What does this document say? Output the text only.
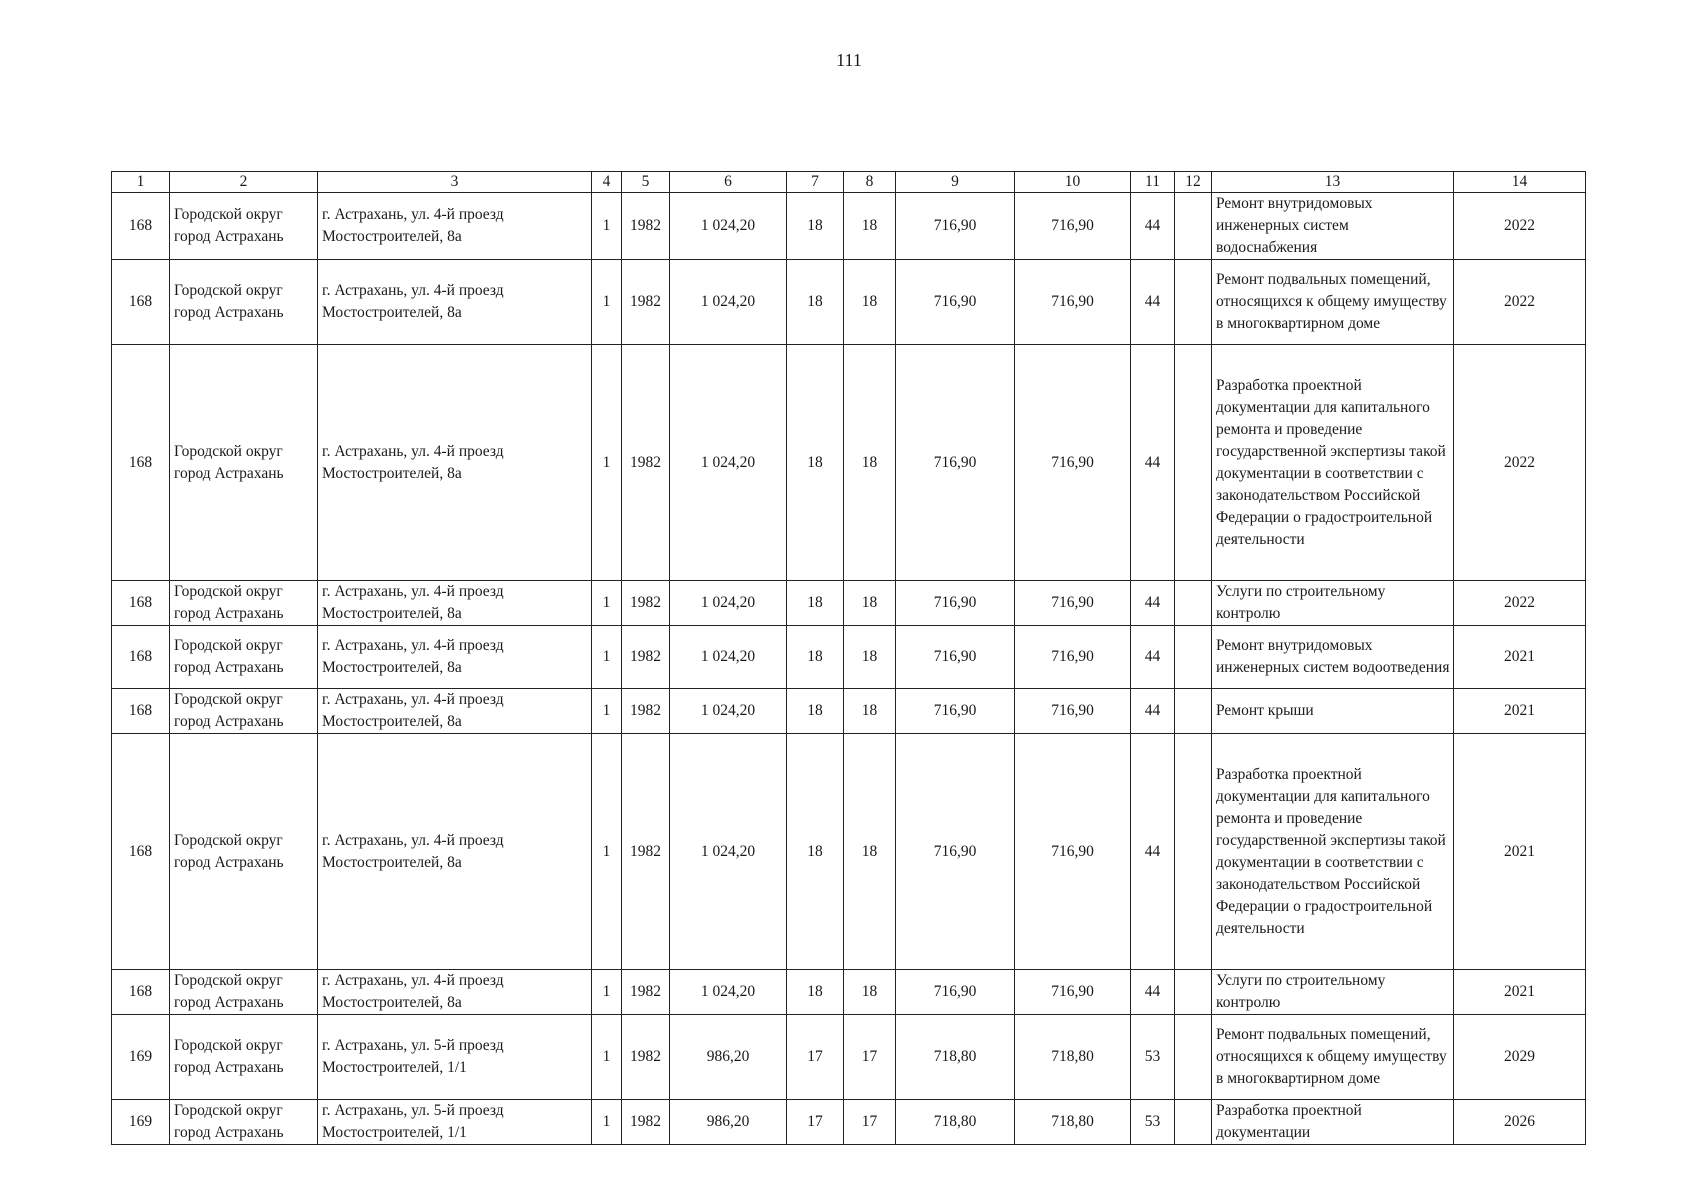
111
1	2	3	4	5	6	7	8	9	10	11	12	13	14
168	Городской округ город Астрахань	г. Астрахань, ул. 4-й проезд Мостостроителей, 8а	1	1982	1 024,20	18	18	716,90	716,90	44		Ремонт внутридомовых инженерных систем водоснабжения	2022
168	Городской округ город Астрахань	г. Астрахань, ул. 4-й проезд Мостостроителей, 8а	1	1982	1 024,20	18	18	716,90	716,90	44		Ремонт подвальных помещений, относящихся к общему имуществу в многоквартирном доме	2022
168	Городской округ город Астрахань	г. Астрахань, ул. 4-й проезд Мостостроителей, 8а	1	1982	1 024,20	18	18	716,90	716,90	44		Разработка проектной документации для капитального ремонта и проведение государственной экспертизы такой документации в соответствии с законодательством Российской Федерации о градостроительной деятельности	2022
168	Городской округ город Астрахань	г. Астрахань, ул. 4-й проезд Мостостроителей, 8а	1	1982	1 024,20	18	18	716,90	716,90	44		Услуги по строительному контролю	2022
168	Городской округ город Астрахань	г. Астрахань, ул. 4-й проезд Мостостроителей, 8а	1	1982	1 024,20	18	18	716,90	716,90	44		Ремонт внутридомовых инженерных систем водоотведения	2021
168	Городской округ город Астрахань	г. Астрахань, ул. 4-й проезд Мостостроителей, 8а	1	1982	1 024,20	18	18	716,90	716,90	44		Ремонт крыши	2021
168	Городской округ город Астрахань	г. Астрахань, ул. 4-й проезд Мостостроителей, 8а	1	1982	1 024,20	18	18	716,90	716,90	44		Разработка проектной документации для капитального ремонта и проведение государственной экспертизы такой документации в соответствии с законодательством Российской Федерации о градостроительной деятельности	2021
168	Городской округ город Астрахань	г. Астрахань, ул. 4-й проезд Мостостроителей, 8а	1	1982	1 024,20	18	18	716,90	716,90	44		Услуги по строительному контролю	2021
169	Городской округ город Астрахань	г. Астрахань, ул. 5-й проезд Мостостроителей, 1/1	1	1982	986,20	17	17	718,80	718,80	53		Ремонт подвальных помещений, относящихся к общему имуществу в многоквартирном доме	2029
169	Городской округ город Астрахань	г. Астрахань, ул. 5-й проезд Мостостроителей, 1/1	1	1982	986,20	17	17	718,80	718,80	53		Разработка проектной документации	2026
